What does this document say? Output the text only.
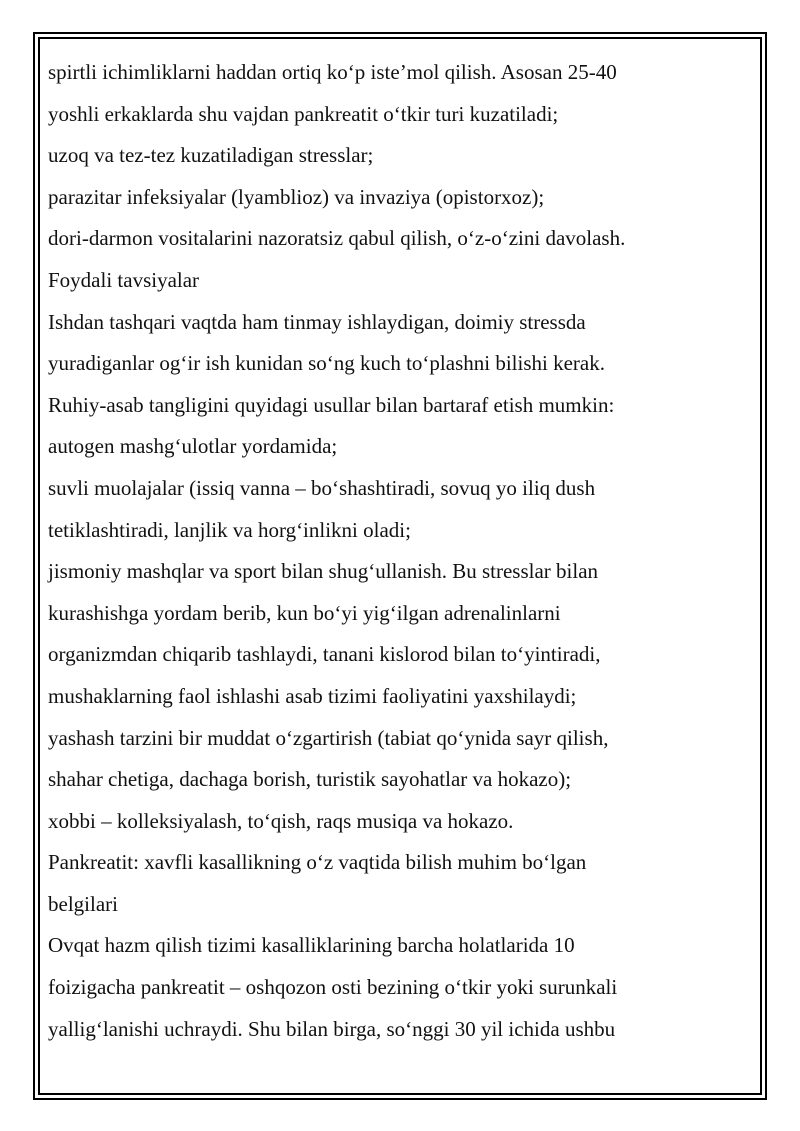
spirtli ichimliklarni haddan ortiq koʻp isteʼmol qilish. Asosan 25-40
yoshli erkaklarda shu vajdan pankreatit oʻtkir turi kuzatiladi;
uzoq va tez-tez kuzatiladigan stresslar;
parazitar infeksiyalar (lyamblioz) va invaziya (opistorxoz);
dori-darmon vositalarini nazoratsiz qabul qilish, oʻz-oʻzini davolash.
Foydali tavsiyalar
Ishdan tashqari vaqtda ham tinmay ishlaydigan, doimiy stressda
yuradiganlar ogʻir ish kunidan soʻng kuch toʻplashni bilishi kerak.
Ruhiy-asab tangligini quyidagi usullar bilan bartaraf etish mumkin:
autogen mashgʻulotlar yordamida;
suvli muolajalar (issiq vanna – boʻshashtiradi, sovuq yo iliq dush
tetiklashtiradi, lanjlik va horgʻinlikni oladi;
jismoniy mashqlar va sport bilan shugʻullanish. Bu stresslar bilan
kurashishga yordam berib, kun boʻyi yigʻilgan adrenalinlarni
organizmdan chiqarib tashlaydi, tanani kislorod bilan toʻyintiradi,
mushaklarning faol ishlashi asab tizimi faoliyatini yaxshilaydi;
yashash tarzini bir muddat oʻzgartirish (tabiat qoʻynida sayr qilish,
shahar chetiga, dachaga borish, turistik sayohatlar va hokazo);
xobbi – kolleksiyalash, toʻqish, raqs musiqa va hokazo.
Pankreatit: xavfli kasallikning oʻz vaqtida bilish muhim boʻlgan
belgilari
Ovqat hazm qilish tizimi kasalliklarining barcha holatlarida 10
foizigacha pankreatit – oshqozon osti bezining oʻtkir yoki surunkali
yalligʻlanishi uchraydi. Shu bilan birga, soʻnggi 30 yil ichida ushbu
